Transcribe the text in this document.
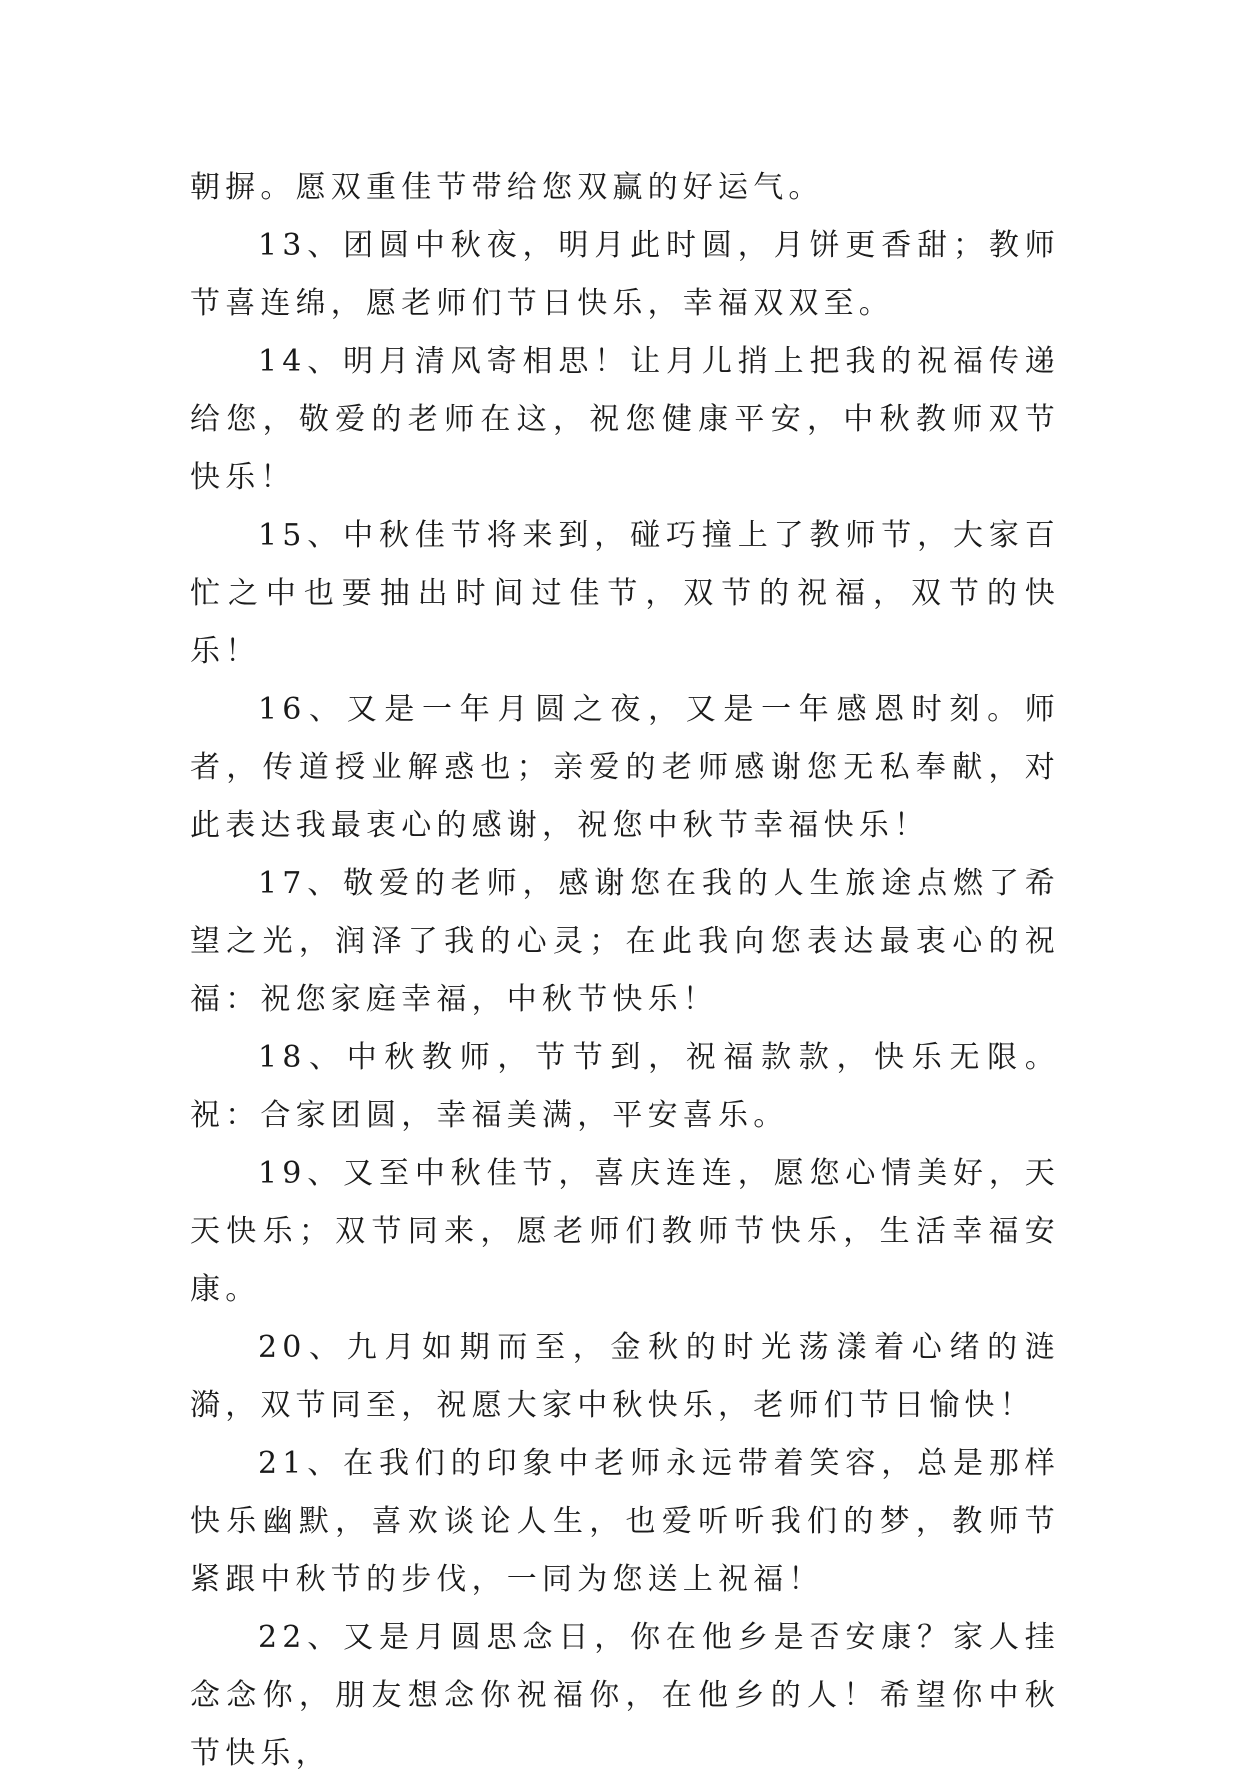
朝摒。愿双重佳节带给您双赢的好运气。

13、团圆中秋夜，明月此时圆，月饼更香甜；教师节喜连绵，愿老师们节日快乐，幸福双双至。

14、明月清风寄相思！让月儿捎上把我的祝福传递给您，敬爱的老师在这，祝您健康平安，中秋教师双节快乐！

15、中秋佳节将来到，碰巧撞上了教师节，大家百忙之中也要抽出时间过佳节，双节的祝福，双节的快乐！

16、又是一年月圆之夜，又是一年感恩时刻。师者，传道授业解惑也；亲爱的老师感谢您无私奉献，对此表达我最衷心的感谢，祝您中秋节幸福快乐！

17、敬爱的老师，感谢您在我的人生旅途点燃了希望之光，润泽了我的心灵；在此我向您表达最衷心的祝福：祝您家庭幸福，中秋节快乐！

18、中秋教师，节节到，祝福款款，快乐无限。祝：合家团圆，幸福美满，平安喜乐。

19、又至中秋佳节，喜庆连连，愿您心情美好，天天快乐；双节同来，愿老师们教师节快乐，生活幸福安康。

20、九月如期而至，金秋的时光荡漾着心绪的涟漪，双节同至，祝愿大家中秋快乐，老师们节日愉快！

21、在我们的印象中老师永远带着笑容，总是那样快乐幽默，喜欢谈论人生，也爱听听我们的梦，教师节紧跟中秋节的步伐，一同为您送上祝福！

22、又是月圆思念日，你在他乡是否安康？家人挂念念你，朋友想念你祝福你，在他乡的人！希望你中秋节快乐，
